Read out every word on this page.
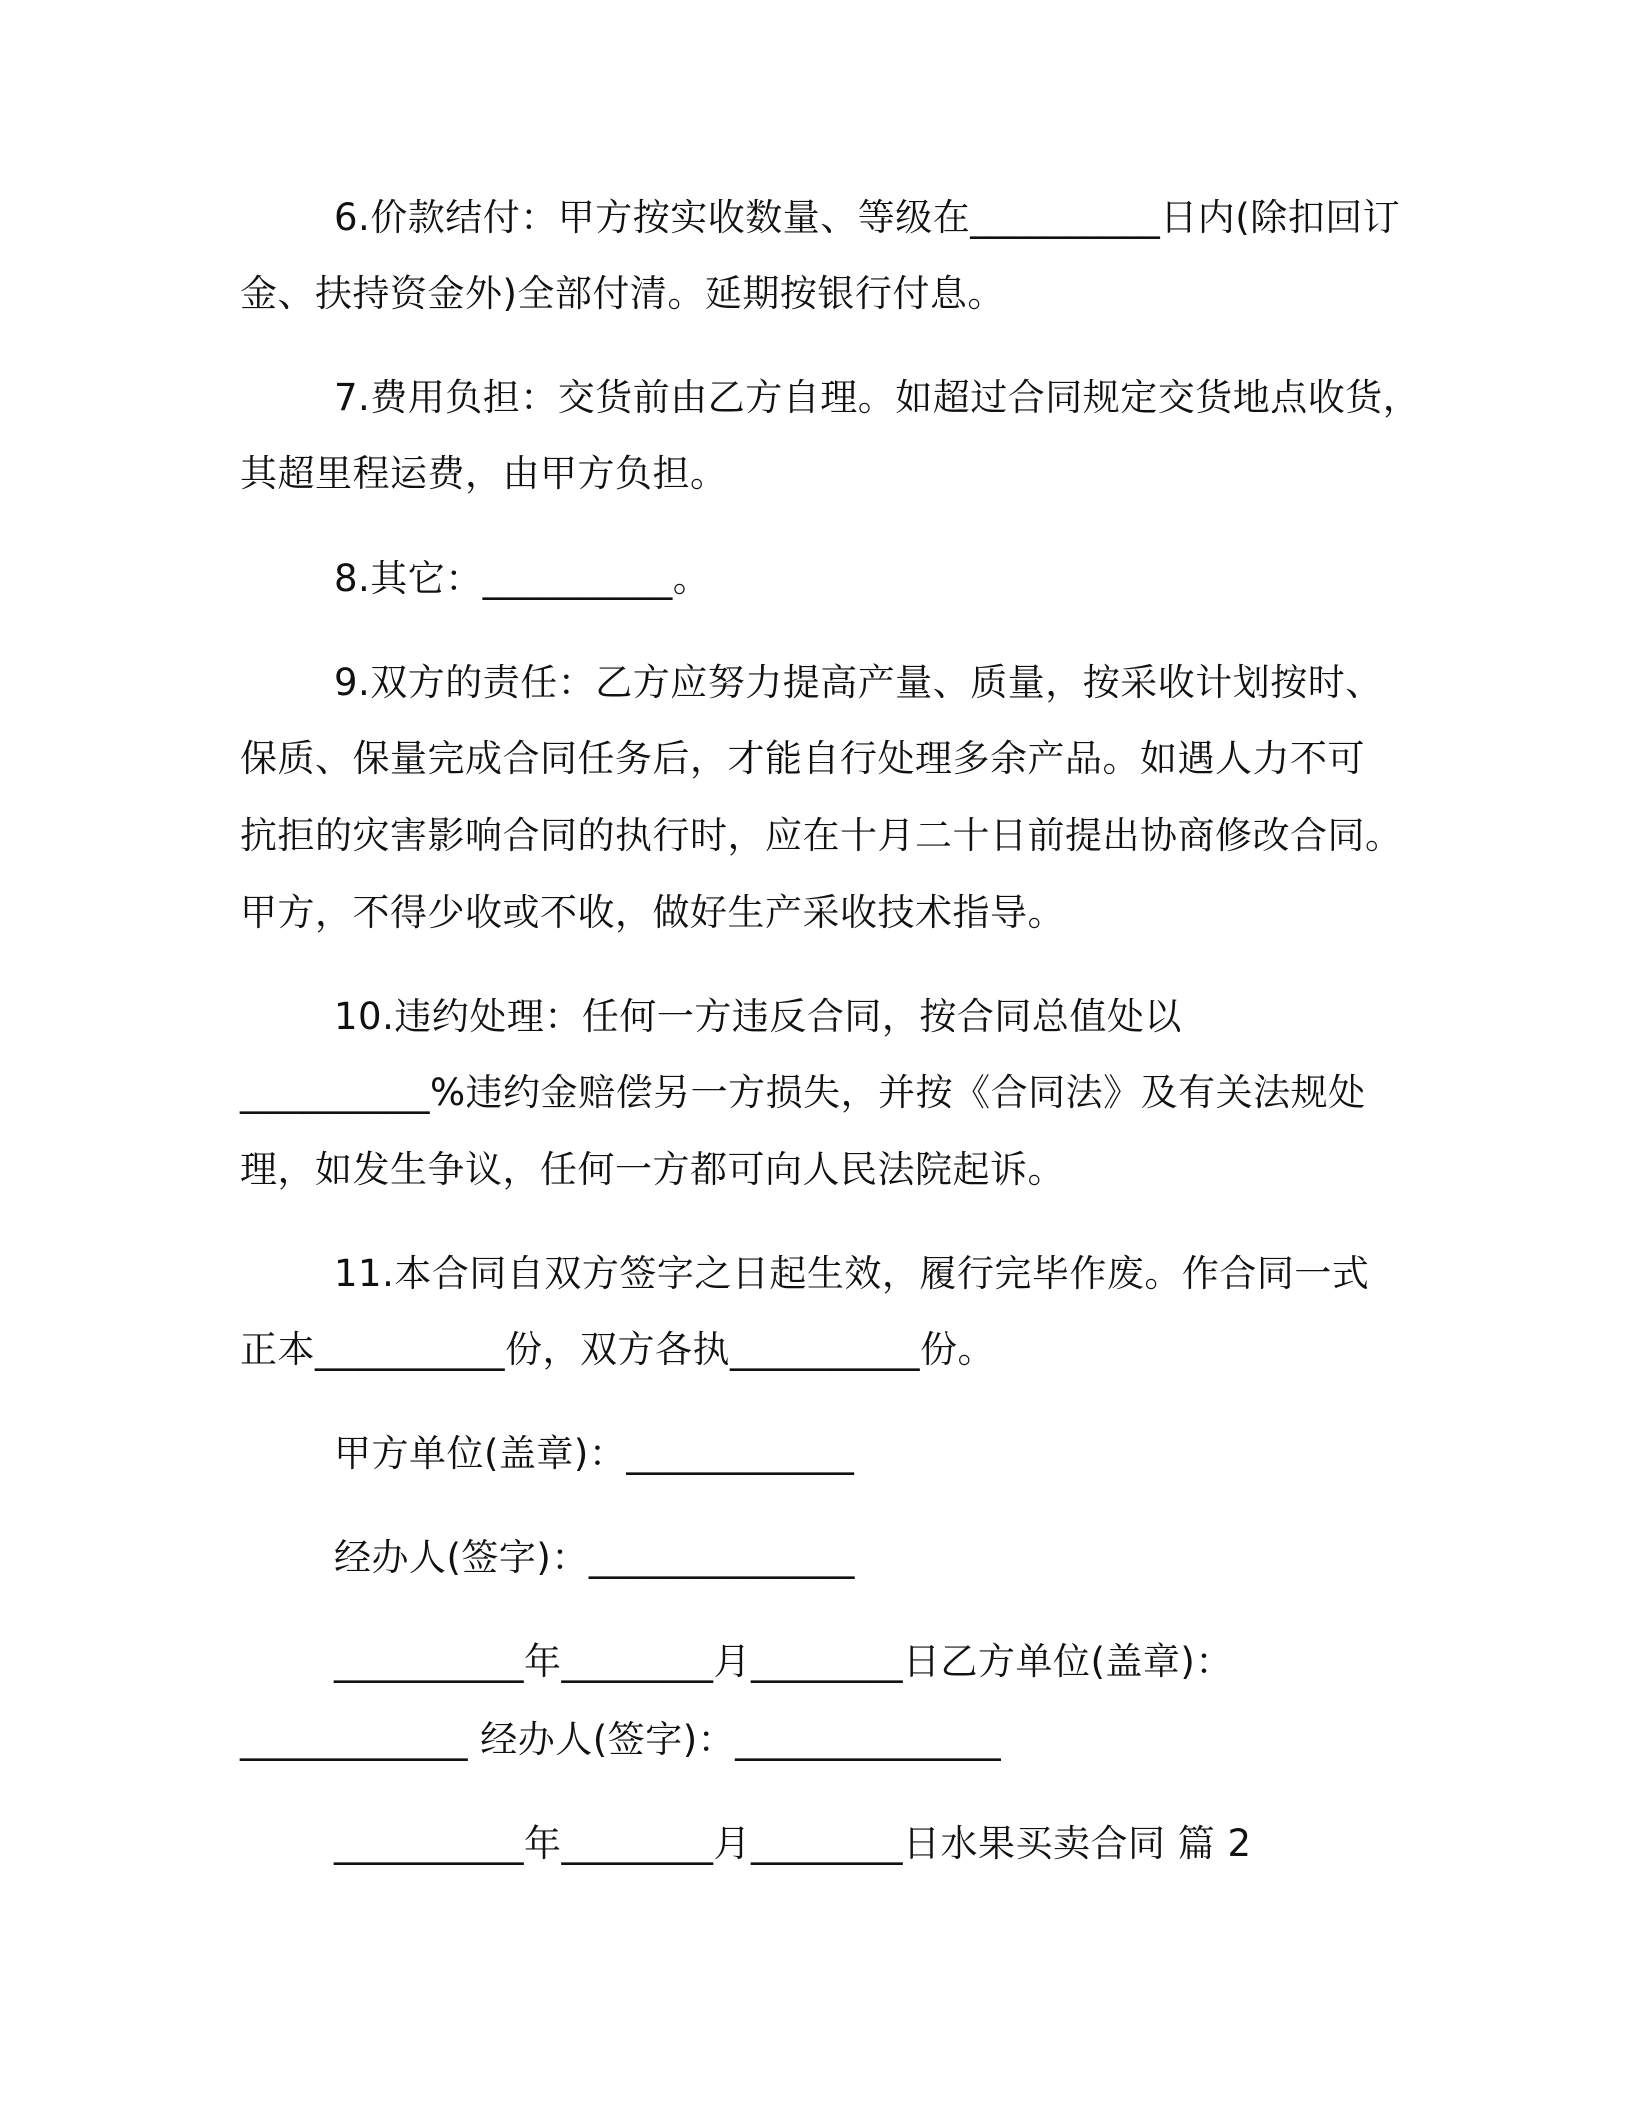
6.价款结付：甲方按实收数量、等级在__________日内(除扣回订
金、扶持资金外)全部付清。延期按银行付息。
7.费用负担：交货前由乙方自理。如超过合同规定交货地点收货，
其超里程运费，由甲方负担。
8.其它：__________。
9.双方的责任：乙方应努力提高产量、质量，按采收计划按时、
保质、保量完成合同任务后，才能自行处理多余产品。如遇人力不可
抗拒的灾害影响合同的执行时，应在十月二十日前提出协商修改合同。
甲方，不得少收或不收，做好生产采收技术指导。
10.违约处理：任何一方违反合同，按合同总值处以
__________%违约金赔偿另一方损失，并按《合同法》及有关法规处
理，如发生争议，任何一方都可向人民法院起诉。
11.本合同自双方签字之日起生效，履行完毕作废。作合同一式
正本__________份，双方各执__________份。
甲方单位(盖章)：____________
经办人(签字)：______________
__________年________月________日乙方单位(盖章)：
____________ 经办人(签字)：______________
__________年________月________日水果买卖合同 篇 2
